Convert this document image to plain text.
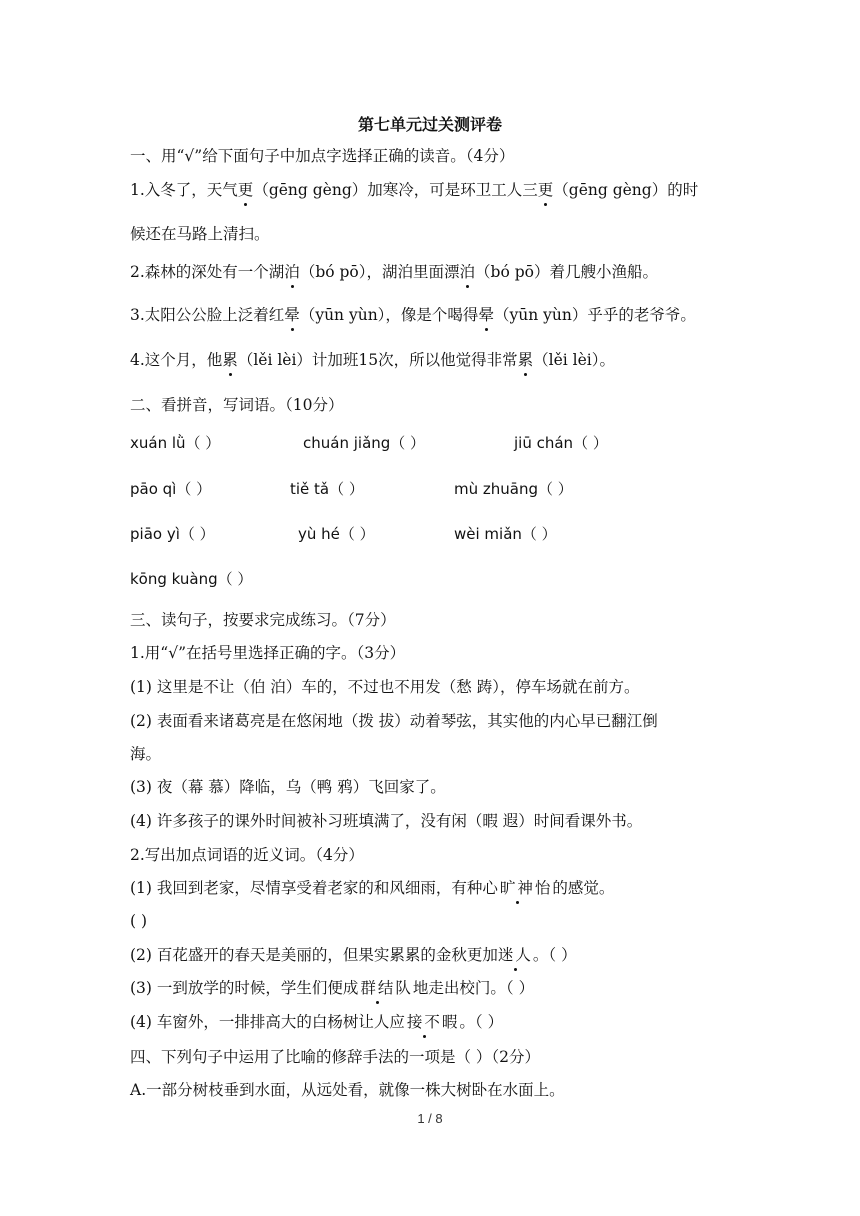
第七单元过关测评卷
一、用“√”给下面句子中加点字选择正确的读音。（4分）
1.入冬了，天气更（gēng gèng）加寒冷，可是环卫工人三更（gēng gèng）的时
候还在马路上清扫。
2.森林的深处有一个湖泊（bó pō），湖泊里面漂泊（bó pō）着几艘小渔船。
3.太阳公公脸上泛着红晕（yūn yùn），像是个喝得晕（yūn yùn）乎乎的老爷爷。
4.这个月，他累（lěi lèi）计加班15次，所以他觉得非常累（lěi lèi）。
二、看拼音，写词语。（10分）
xuán lǜ（ ）	chuán jiǎng（ ）	jiū chán（ ）
pāo qì（ ）	tiě tǎ（ ）	mù zhuāng（ ）
piāo yì（ ）	yù hé（ ）	wèi miǎn（ ）
kōng kuàng（ ）
三、读句子，按要求完成练习。（7分）
1.用“√”在括号里选择正确的字。（3分）
(1) 这里是不让（伯 泊）车的，不过也不用发（愁 踌），停车场就在前方。
(2) 表面看来诸葛亮是在悠闲地（拨 拔）动着琴弦，其实他的内心早已翻江倒
海。
(3) 夜（幕 慕）降临，乌（鸭 鸦）飞回家了。
(4) 许多孩子的课外时间被补习班填满了，没有闲（暇 遐）时间看课外书。
2.写出加点词语的近义词。（4分）
(1) 我回到老家，尽情享受着老家的和风细雨，有种心旷神怡的感觉。
( )
(2) 百花盛开的春天是美丽的，但果实累累的金秋更加迷人。（ ）
(3) 一到放学的时候，学生们便成群结队地走出校门。（ ）
(4) 车窗外，一排排高大的白杨树让人应接不暇。（ ）
四、下列句子中运用了比喻的修辞手法的一项是（ ）（2分）
A.一部分树枝垂到水面，从远处看，就像一株大树卧在水面上。
1 / 8
